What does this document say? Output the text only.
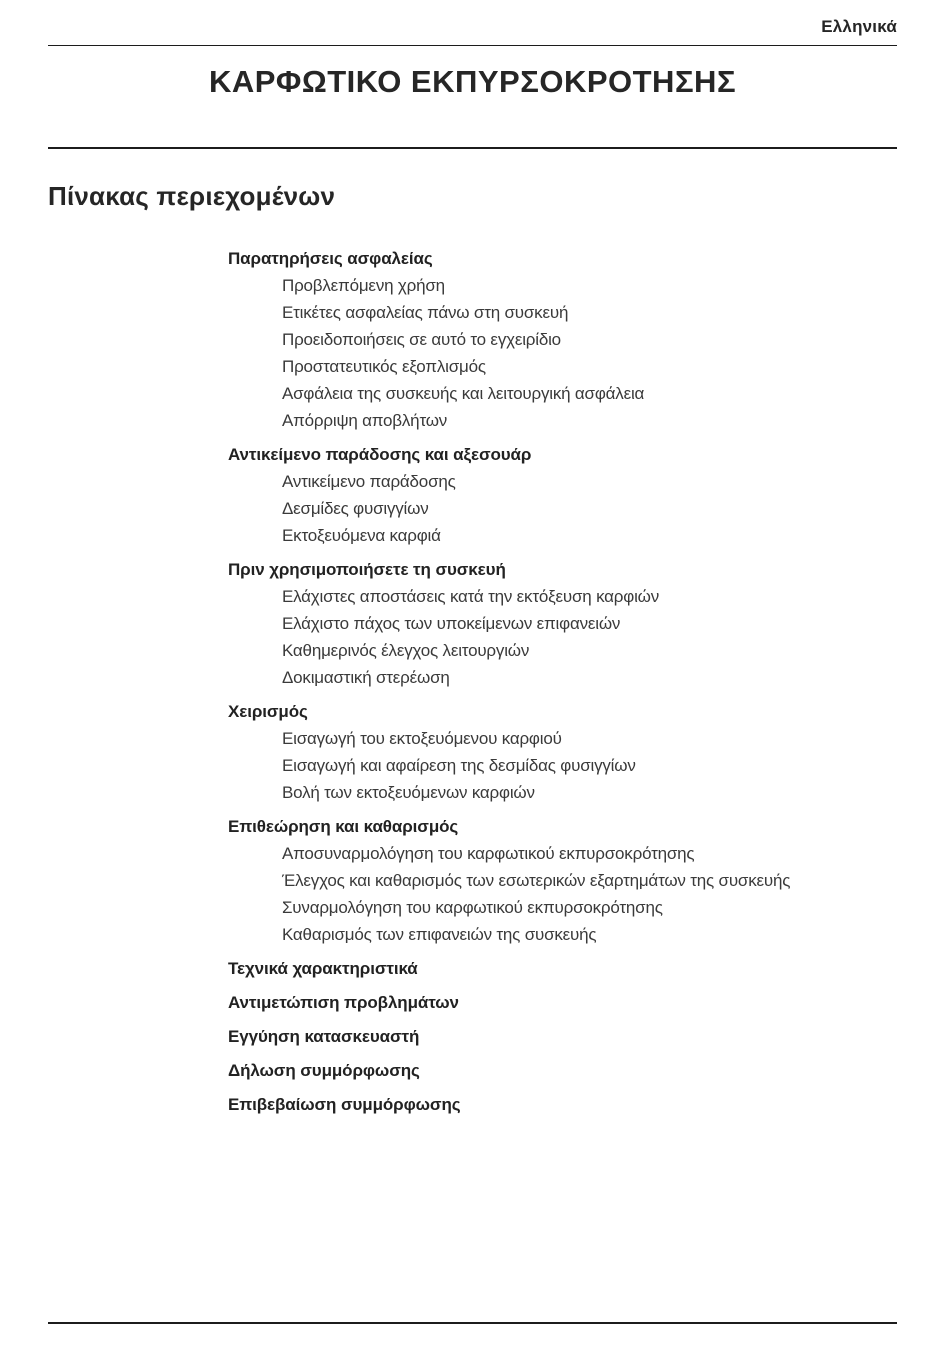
Ελληνικά
ΚΑΡΦΩΤΙΚΟ ΕΚΠΥΡΣΟΚΡΟΤΗΣΗΣ
Πίνακας περιεχομένων
Παρατηρήσεις ασφαλείας
Προβλεπόμενη χρήση
Ετικέτες ασφαλείας πάνω στη συσκευή
Προειδοποιήσεις σε αυτό το εγχειρίδιο
Προστατευτικός εξοπλισμός
Ασφάλεια της συσκευής και λειτουργική ασφάλεια
Απόρριψη αποβλήτων
Αντικείμενο παράδοσης και αξεσουάρ
Αντικείμενο παράδοσης
Δεσμίδες φυσιγγίων
Εκτοξευόμενα καρφιά
Πριν χρησιμοποιήσετε τη συσκευή
Ελάχιστες αποστάσεις κατά την εκτόξευση καρφιών
Ελάχιστο πάχος των υποκείμενων επιφανειών
Καθημερινός έλεγχος λειτουργιών
Δοκιμαστική στερέωση
Χειρισμός
Εισαγωγή του εκτοξευόμενου καρφιού
Εισαγωγή και αφαίρεση της δεσμίδας φυσιγγίων
Βολή των εκτοξευόμενων καρφιών
Επιθεώρηση και καθαρισμός
Αποσυναρμολόγηση του καρφωτικού εκπυρσοκρότησης
Έλεγχος και καθαρισμός των εσωτερικών εξαρτημάτων της συσκευής
Συναρμολόγηση του καρφωτικού εκπυρσοκρότησης
Καθαρισμός των επιφανειών της συσκευής
Τεχνικά χαρακτηριστικά
Αντιμετώπιση προβλημάτων
Εγγύηση κατασκευαστή
Δήλωση συμμόρφωσης
Επιβεβαίωση συμμόρφωσης
